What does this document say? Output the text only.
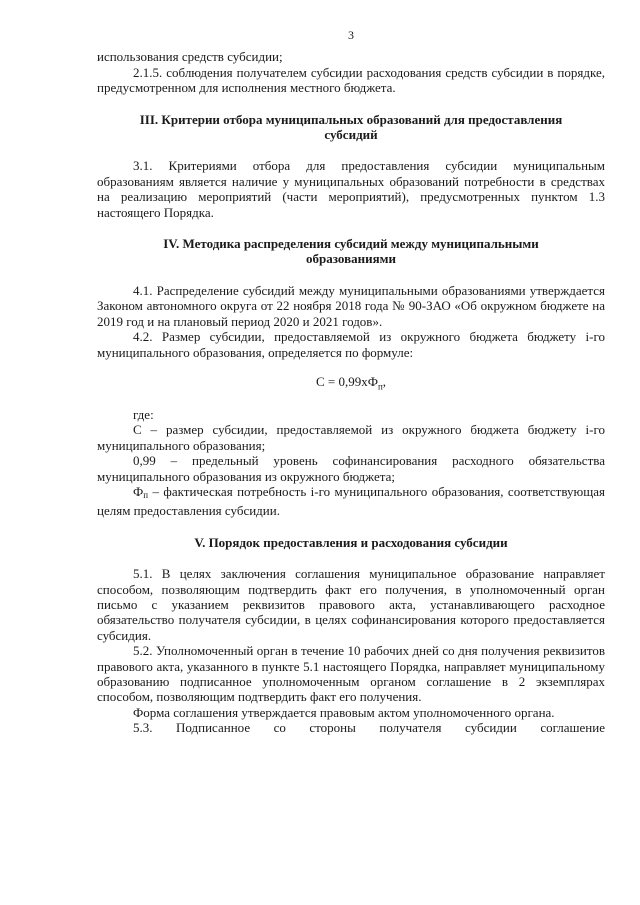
3

использования средств субсидии;

2.1.5. соблюдения получателем субсидии расходования средств субсидии в порядке, предусмотренном для исполнения местного бюджета.

III. Критерии отбора муниципальных образований для предоставления субсидий

3.1. Критериями отбора для предоставления субсидии муниципальным образованиям является наличие у муниципальных образований потребности в средствах на реализацию мероприятий (части мероприятий), предусмотренных пунктом 1.3 настоящего Порядка.

IV. Методика распределения субсидий между муниципальными образованиями

4.1. Распределение субсидий между муниципальными образованиями утверждается Законом автономного округа от 22 ноября 2018 года № 90-ЗАО «Об окружном бюджете на 2019 год и на плановый период 2020 и 2021 годов».

4.2. Размер субсидии, предоставляемой из окружного бюджета бюджету i-го муниципального образования, определяется по формуле:

$C = 0,99хФ_п$,

где:

C – размер субсидии, предоставляемой из окружного бюджета бюджету i-го муниципального образования;

0,99 – предельный уровень софинансирования расходного обязательства муниципального образования из окружного бюджета;

Фп – фактическая потребность i-го муниципального образования, соответствующая целям предоставления субсидии.

V. Порядок предоставления и расходования субсидии

5.1. В целях заключения соглашения муниципальное образование направляет способом, позволяющим подтвердить факт его получения, в уполномоченный орган письмо с указанием реквизитов правового акта, устанавливающего расходное обязательство получателя субсидии, в целях софинансирования которого предоставляется субсидия.

5.2. Уполномоченный орган в течение 10 рабочих дней со дня получения реквизитов правового акта, указанного в пункте 5.1 настоящего Порядка, направляет муниципальному образованию подписанное уполномоченным органом соглашение в 2 экземплярах способом, позволяющим подтвердить факт его получения.

Форма соглашения утверждается правовым актом уполномоченного органа.

5.3. Подписанное со стороны получателя субсидии соглашение
